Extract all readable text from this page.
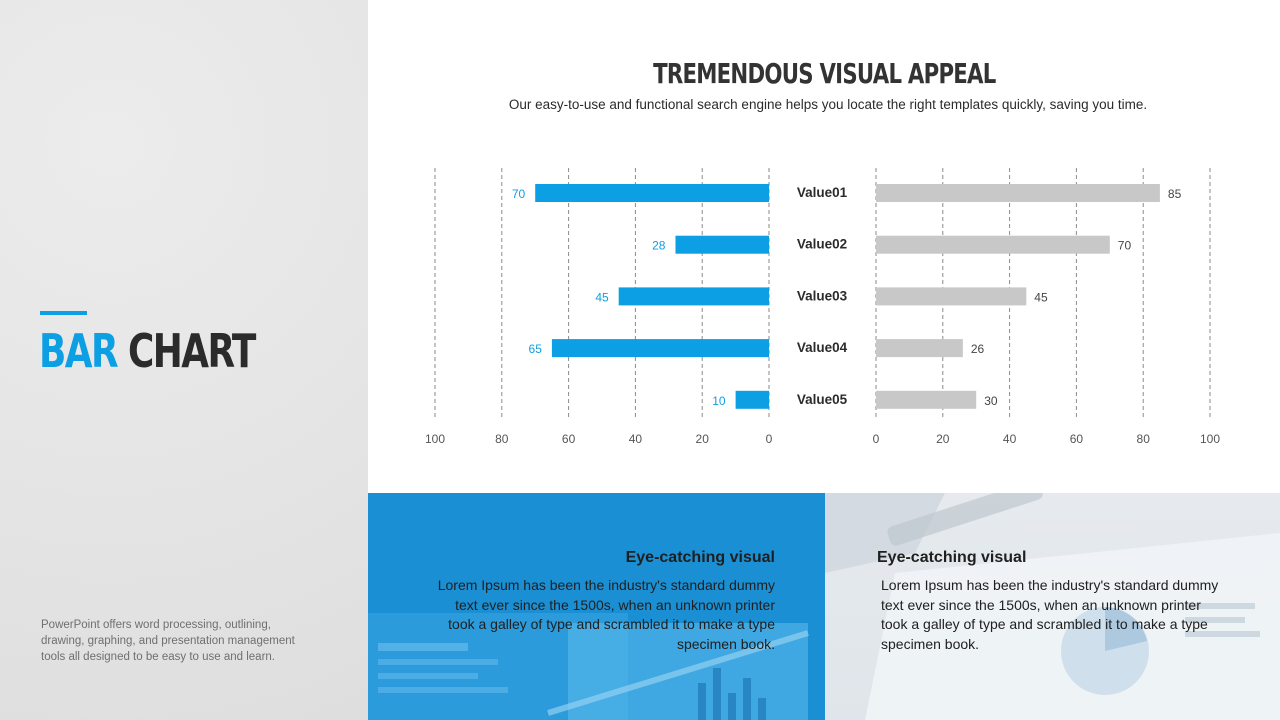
BAR CHART

PowerPoint offers word processing, outlining, drawing, graphing, and presentation management tools all designed to be easy to use and learn.

TREMENDOUS VISUAL APPEAL

Our easy-to-use and functional search engine helps you locate the right templates quickly, saving you time.

100	80	60	40	20	0	0	20	40	60	80	100
70	85
Value01
28	70
Value02
45	45
Value03
65	26
Value04
10	30
Value05
Eye-catching visual

Lorem Ipsum has been the industry's standard dummy text ever since the 1500s, when an unknown printer took a galley of type and scrambled it to make a type specimen book.

Eye-catching visual

Lorem Ipsum has been the industry's standard dummy text ever since the 1500s, when an unknown printer took a galley of type and scrambled it to make a type specimen book.
